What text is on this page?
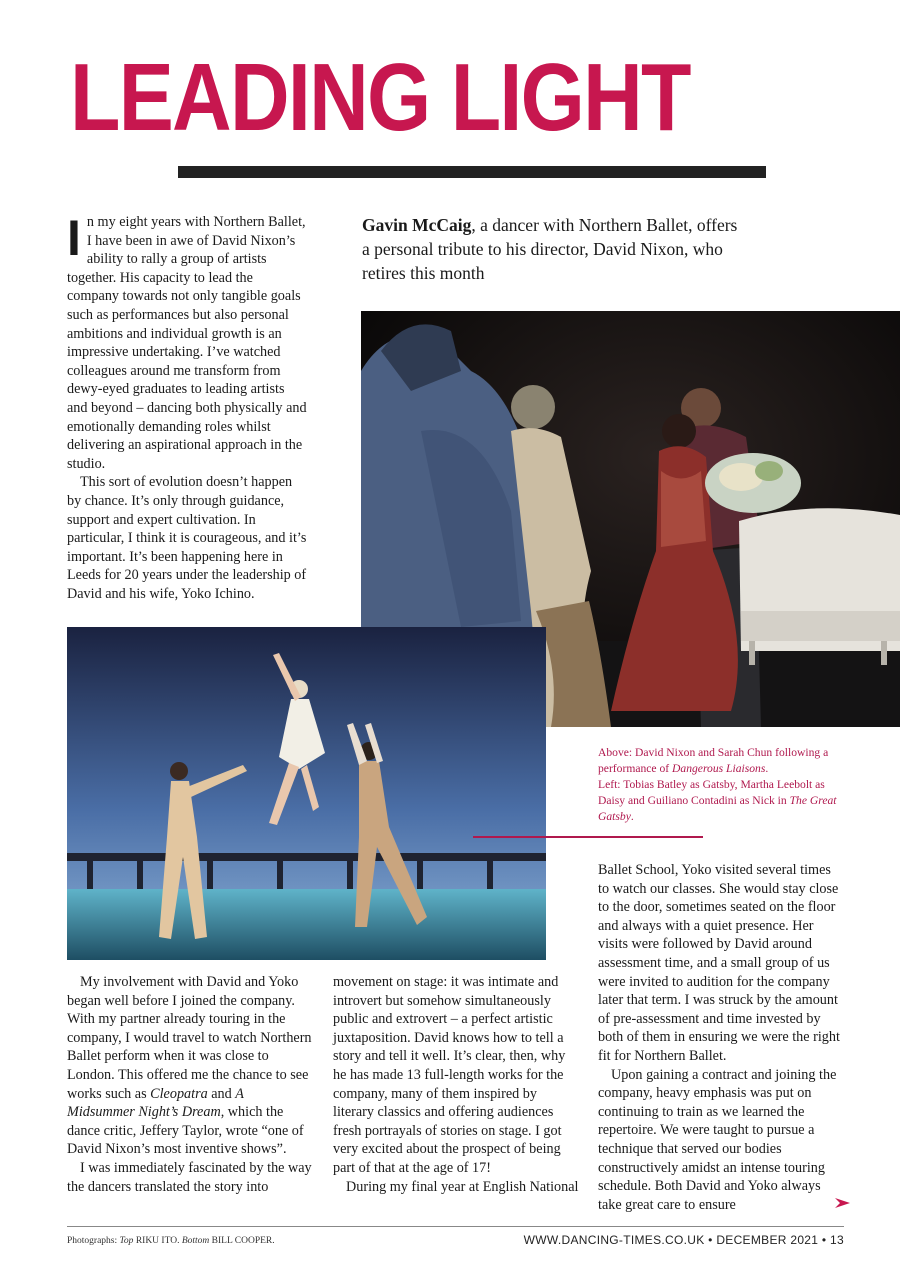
LEADING LIGHT

Gavin McCaig, a dancer with Northern Ballet, offers a personal tribute to his director, David Nixon, who retires this month

In my eight years with Northern Ballet, I have been in awe of David Nixon’s ability to rally a group of artists together. His capacity to lead the company towards not only tangible goals such as performances but also personal ambitions and individual growth is an impressive undertaking. I’ve watched colleagues around me transform from dewy-eyed graduates to leading artists and beyond – dancing both physically and emotionally demanding roles whilst delivering an aspirational approach in the studio.

This sort of evolution doesn’t happen by chance. It’s only through guidance, support and expert cultivation. In particular, I think it is courageous, and it’s important. It’s been happening here in Leeds for 20 years under the leadership of David and his wife, Yoko Ichino.

Above: David Nixon and Sarah Chun following a performance of Dangerous Liaisons.
Left: Tobias Batley as Gatsby, Martha Leebolt as Daisy and Guiliano Contadini as Nick in The Great Gatsby.

My involvement with David and Yoko began well before I joined the company. With my partner already touring in the company, I would travel to watch Northern Ballet perform when it was close to London. This offered me the chance to see works such as Cleopatra and A Midsummer Night’s Dream, which the dance critic, Jeffery Taylor, wrote “one of David Nixon’s most inventive shows”.

I was immediately fascinated by the way the dancers translated the story into

movement on stage: it was intimate and introvert but somehow simultaneously public and extrovert – a perfect artistic juxtaposition. David knows how to tell a story and tell it well. It’s clear, then, why he has made 13 full-length works for the company, many of them inspired by literary classics and offering audiences fresh portrayals of stories on stage. I got very excited about the prospect of being part of that at the age of 17!

During my final year at English National

Ballet School, Yoko visited several times to watch our classes. She would stay close to the door, sometimes seated on the floor and always with a quiet presence. Her visits were followed by David around assessment time, and a small group of us were invited to audition for the company later that term. I was struck by the amount of pre-assessment and time invested by both of them in ensuring we were the right fit for Northern Ballet.

Upon gaining a contract and joining the company, heavy emphasis was put on continuing to train as we learned the repertoire. We were taught to pursue a technique that served our bodies constructively amidst an intense touring schedule. Both David and Yoko always take great care to ensure

Photographs: Top RIKU ITO. Bottom BILL COOPER.	WWW.DANCING-TIMES.CO.UK • DECEMBER 2021 • 13
